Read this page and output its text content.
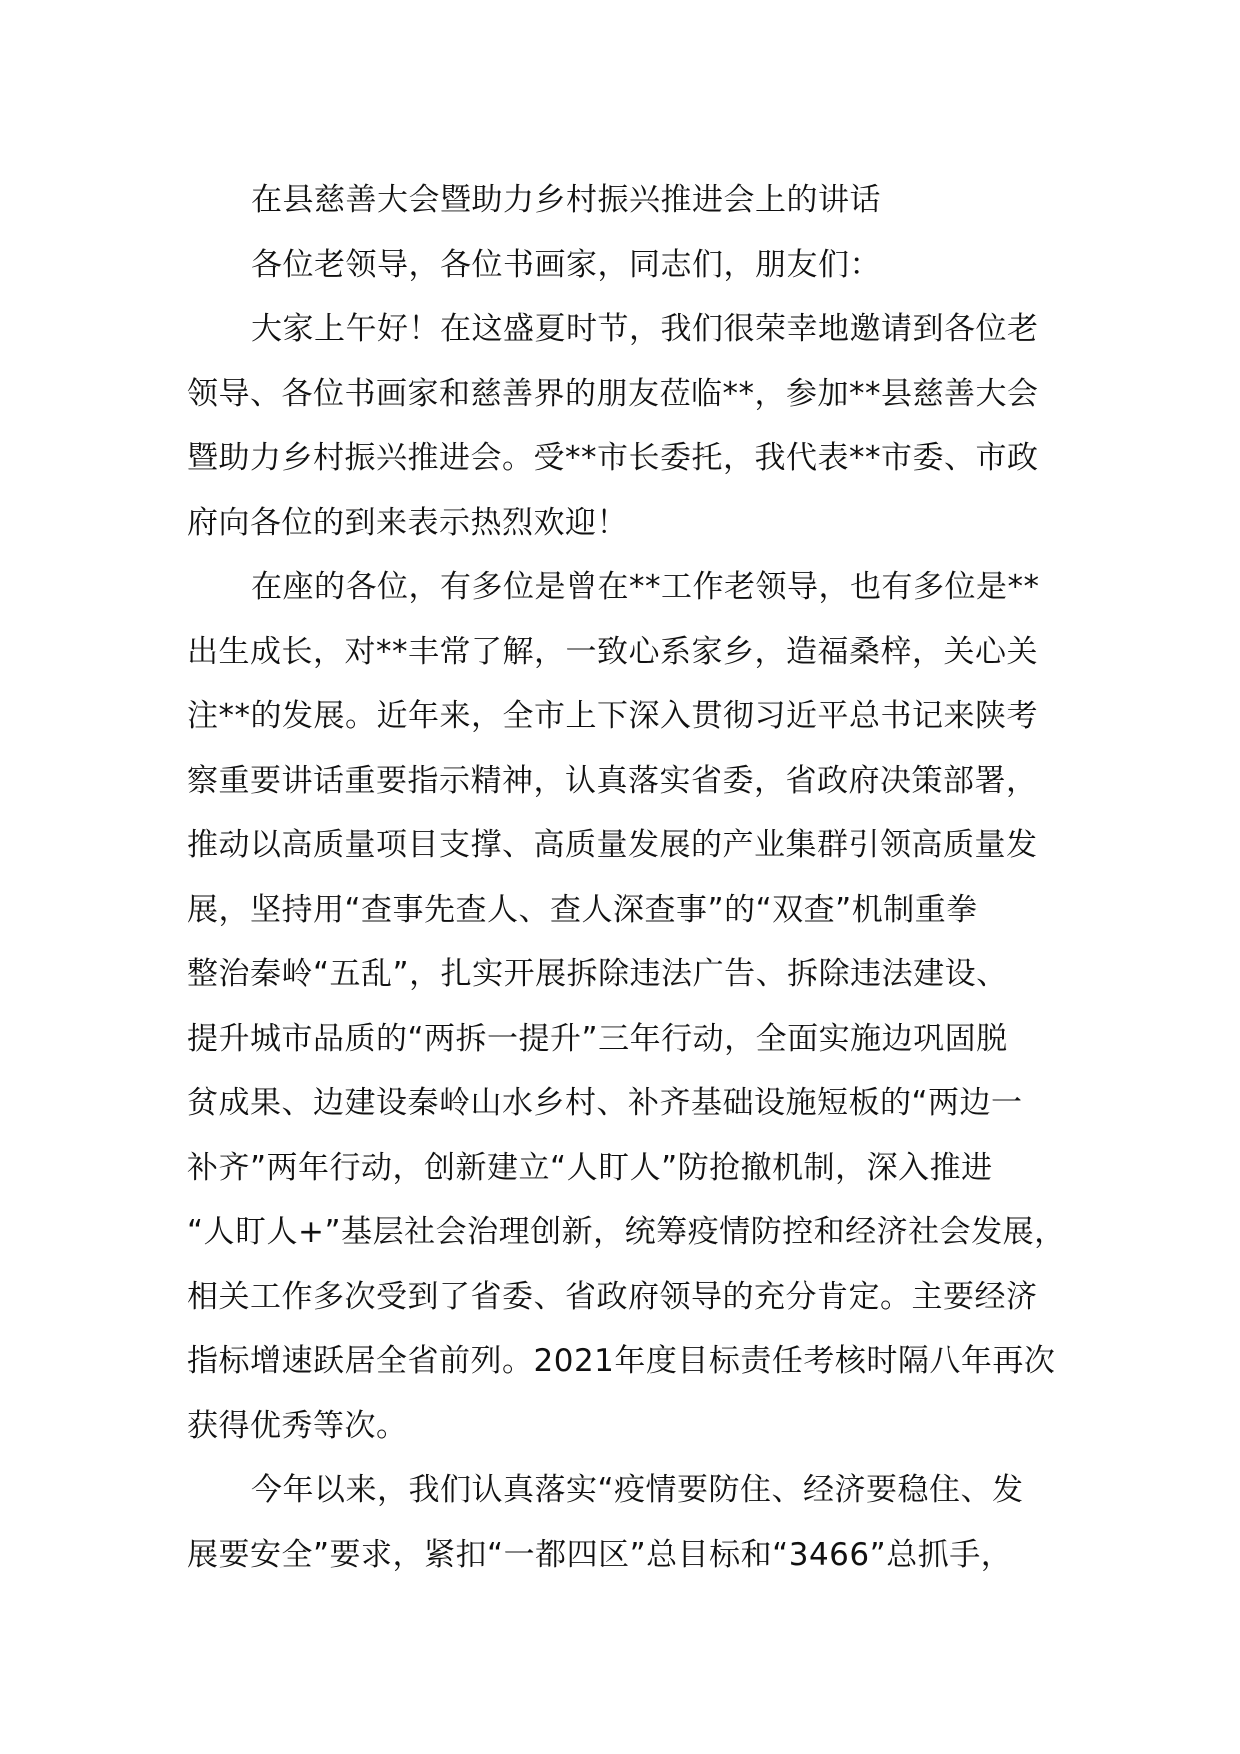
在县慈善大会暨助力乡村振兴推进会上的讲话
各位老领导，各位书画家，同志们，朋友们：
大家上午好！在这盛夏时节，我们很荣幸地邀请到各位老
领导、各位书画家和慈善界的朋友莅临**，参加**县慈善大会
暨助力乡村振兴推进会。受**市长委托，我代表**市委、市政
府向各位的到来表示热烈欢迎！
在座的各位，有多位是曾在**工作老领导，也有多位是**
出生成长，对**丰常了解，一致心系家乡，造福桑梓，关心关
注**的发展。近年来，全市上下深入贯彻习近平总书记来陕考
察重要讲话重要指示精神，认真落实省委，省政府决策部署，
推动以高质量项目支撑、高质量发展的产业集群引领高质量发
展，坚持用“查事先查人、查人深查事”的“双查”机制重拳
整治秦岭“五乱”，扎实开展拆除违法广告、拆除违法建设、
提升城市品质的“两拆一提升”三年行动，全面实施边巩固脱
贫成果、边建设秦岭山水乡村、补齐基础设施短板的“两边一
补齐”两年行动，创新建立“人盯人”防抢撤机制，深入推进
“人盯人+”基层社会治理创新，统筹疫情防控和经济社会发展，
相关工作多次受到了省委、省政府领导的充分肯定。主要经济
指标增速跃居全省前列。2021年度目标责任考核时隔八年再次
获得优秀等次。
今年以来，我们认真落实“疫情要防住、经济要稳住、发
展要安全”要求，紧扣“一都四区”总目标和“3466”总抓手，
